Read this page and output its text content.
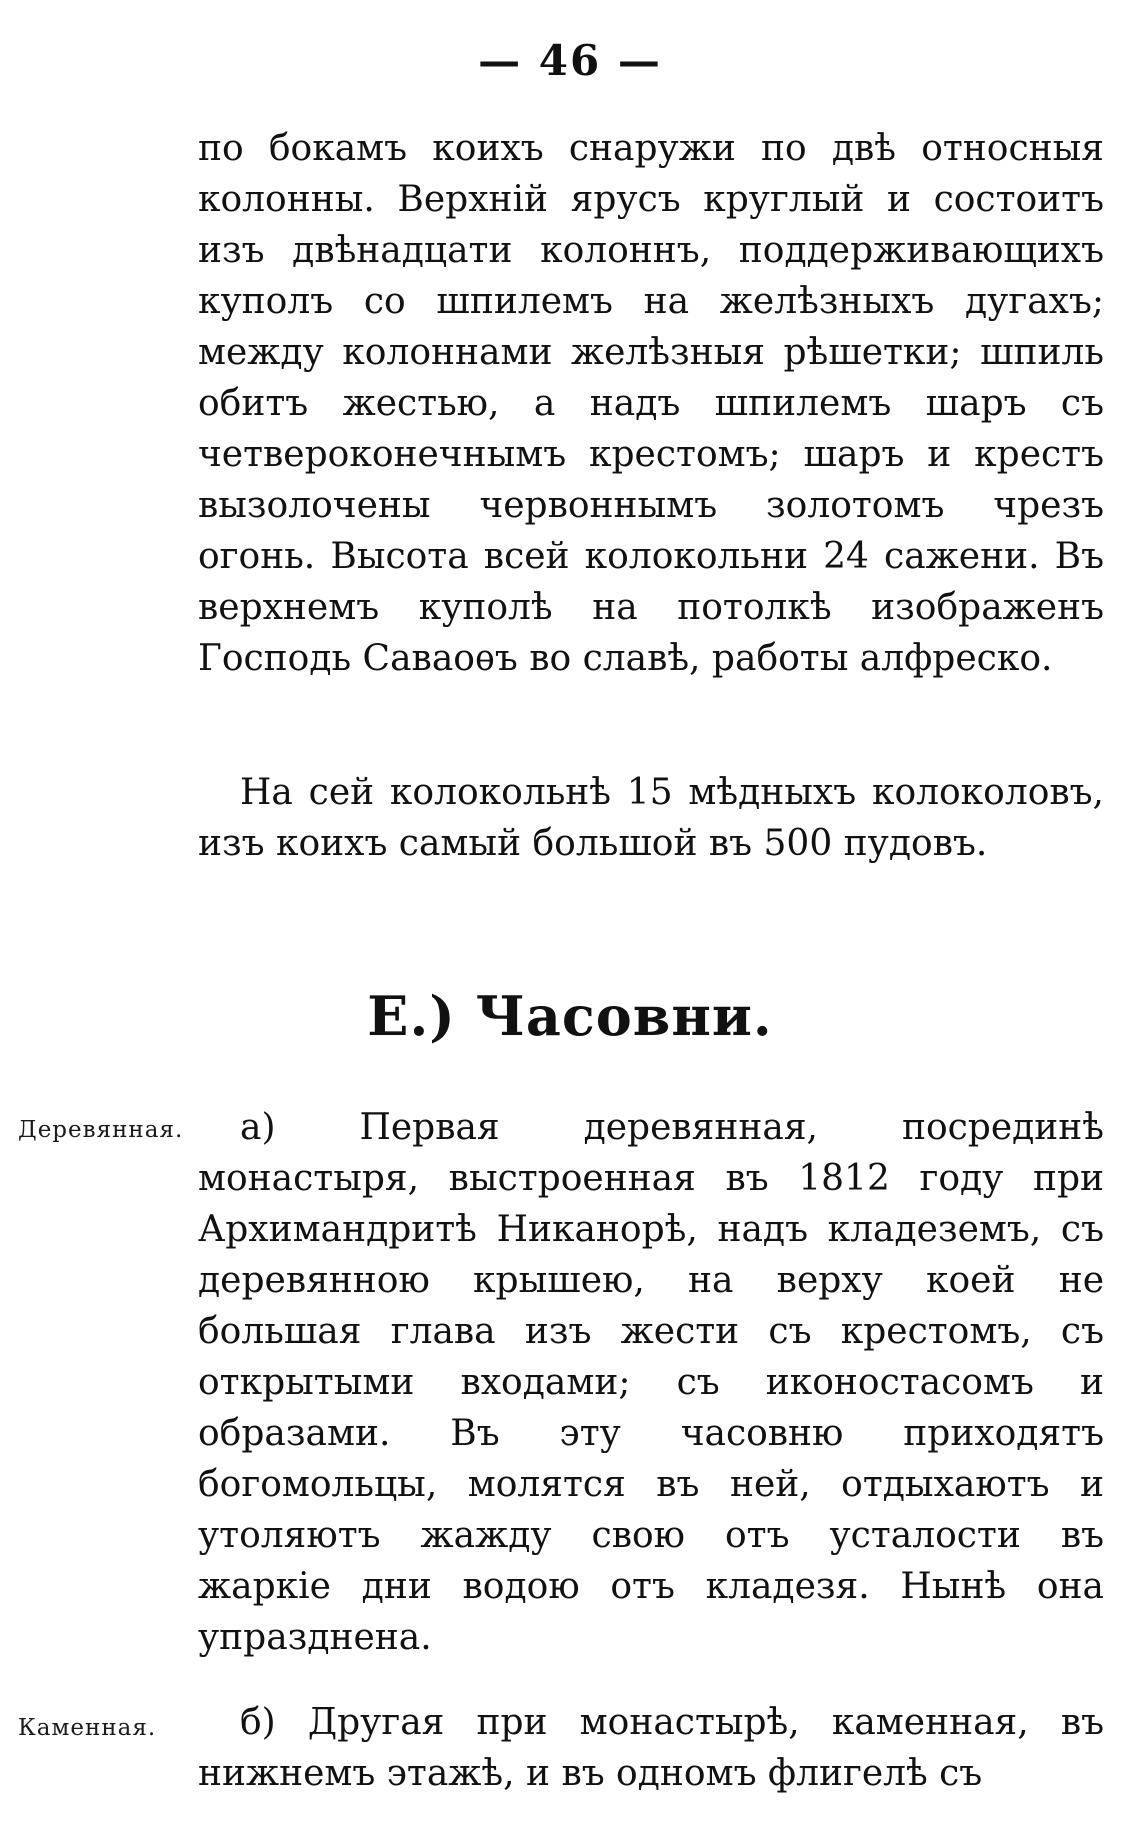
— 46 —

по бокамъ коихъ снаружи по двѣ относныя колонны. Верхній ярусъ круглый и состоитъ изъ двѣнадцати колоннъ, поддерживающихъ куполъ со шпилемъ на желѣзныхъ дугахъ; между колоннами желѣзныя рѣшетки; шпиль обитъ жестью, а надъ шпилемъ шаръ съ четвероконечнымъ крестомъ; шаръ и крестъ вызолочены червоннымъ золотомъ чрезъ огонь. Высота всей колокольни 24 сажени. Въ верхнемъ куполѣ на потолкѣ изображенъ Господь Саваоѳъ во славѣ, работы алфреско.

На сей колокольнѣ 15 мѣдныхъ колоколовъ, изъ коихъ самый большой въ 500 пудовъ.

Е.) Часовни.
Деревянная.	а) Первая деревянная, посрединѣ монастыря, выстроенная въ 1812 году при Архимандритѣ Никанорѣ, надъ кладеземъ, съ деревянною крышею, на верху коей не большая глава изъ жести съ крестомъ, съ открытыми входами; съ иконостасомъ и образами. Въ эту часовню приходятъ богомольцы, молятся въ ней, отдыхаютъ и утоляютъ жажду свою отъ усталости въ жаркіе дни водою отъ кладезя. Нынѣ она упразднена.

Каменная.	б) Другая при монастырѣ, каменная, въ нижнемъ этажѣ, и въ одномъ флигелѣ съ
